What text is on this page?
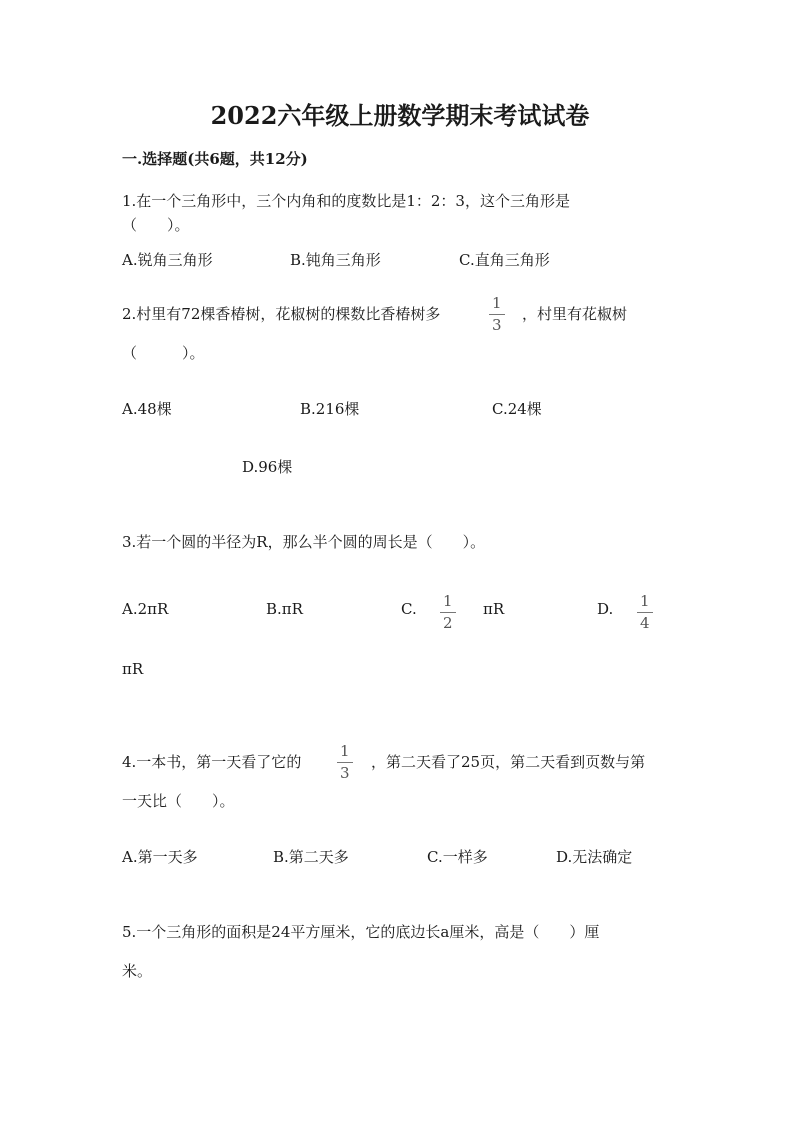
2022六年级上册数学期末考试试卷
一.选择题(共6题，共12分)
1.在一个三角形中，三个内角和的度数比是1：2：3，这个三角形是
（　　）。
A.锐角三角形	B.钝角三角形	C.直角三角形
2.村里有72棵香椿树，花椒树的棵数比香椿树多	$\frac{1}{3}$ ，村里有花椒树
（　　　）。
A.48棵	B.216棵	C.24棵
D.96棵
3.若一个圆的半径为R，那么半个圆的周长是（　　）。
A.2πR	B.πR	C. $\frac{1}{2}$ πR	D. $\frac{1}{4}$
πR
4.一本书，第一天看了它的 $\frac{1}{3}$ ，第二天看了25页，第二天看到页数与第
一天比（　　）。
A.第一天多	B.第二天多	C.一样多	D.无法确定
5.一个三角形的面积是24平方厘米，它的底边长a厘米，高是（　　）厘
米。
